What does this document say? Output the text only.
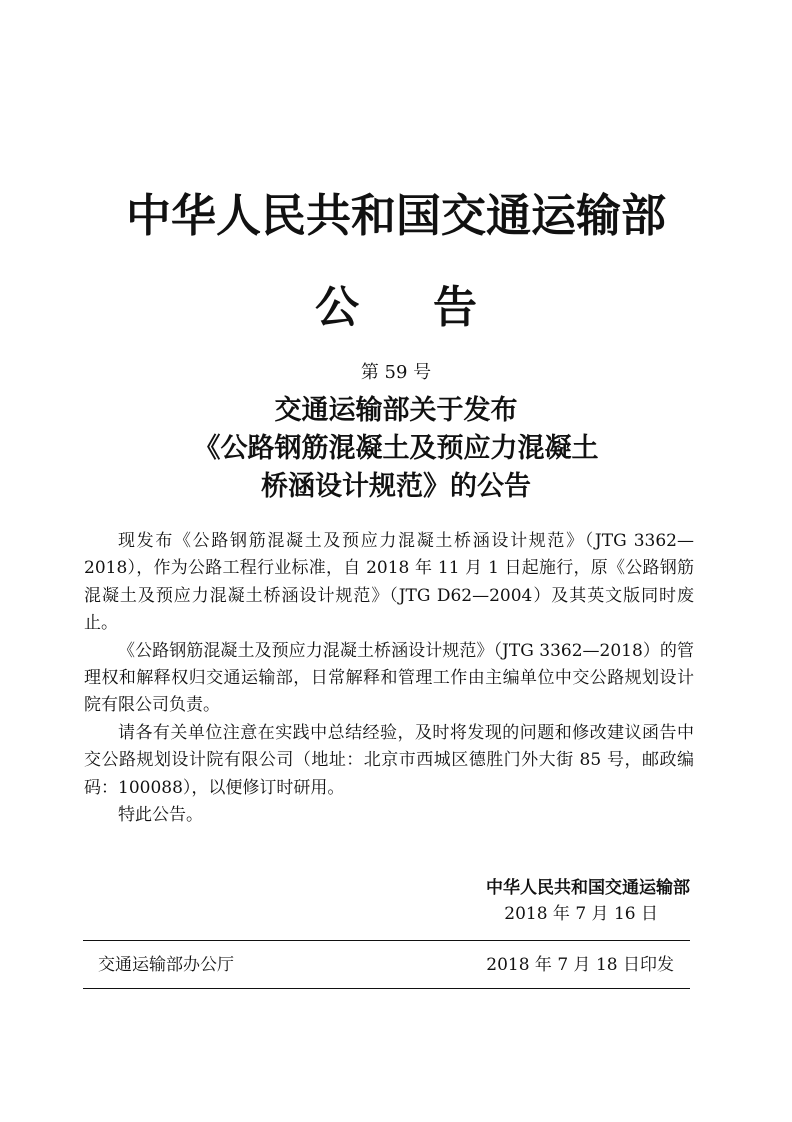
中华人民共和国交通运输部
公 告
第 59 号
交通运输部关于发布
《公路钢筋混凝土及预应力混凝土
桥涵设计规范》的公告

现发布《公路钢筋混凝土及预应力混凝土桥涵设计规范》（JTG 3362—2018），作为公路工程行业标准，自 2018 年 11 月 1 日起施行，原《公路钢筋混凝土及预应力混凝土桥涵设计规范》（JTG D62—2004）及其英文版同时废止。

《公路钢筋混凝土及预应力混凝土桥涵设计规范》（JTG 3362—2018）的管理权和解释权归交通运输部，日常解释和管理工作由主编单位中交公路规划设计院有限公司负责。

请各有关单位注意在实践中总结经验，及时将发现的问题和修改建议函告中交公路规划设计院有限公司（地址：北京市西城区德胜门外大街 85 号，邮政编码：100088），以便修订时研用。

特此公告。

中华人民共和国交通运输部
2018 年 7 月 16 日
交通运输部办公厅	2018 年 7 月 18 日印发
